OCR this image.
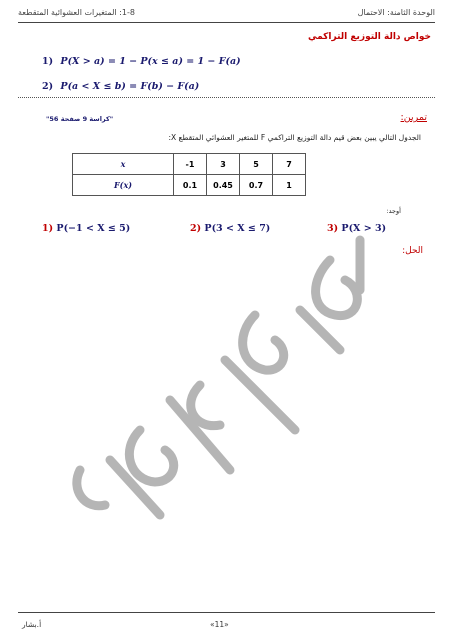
الوحدة الثامنة: الاحتمال
1-8: المتغيرات العشوائية المتقطعة
خواص دالة التوزيع التراكمي
1) P(X > a) = 1 − P(x ≤ a) = 1 − F(a)
2) P(a < X ≤ b) = F(b) − F(a)
تمرين:
"كراسة 9 صفحة 56"
الجدول التالي يبين بعض قيم دالة التوزيع التراكمي F للمتغير العشوائي المتقطع X:
x	-1	3	5	7
F(x)	0.1	0.45	0.7	1
أوجد:
1) P(−1 < X ≤ 5)	2) P(3 < X ≤ 7)	3) P(X > 3)
الحل:
أ.بشار	«11»
